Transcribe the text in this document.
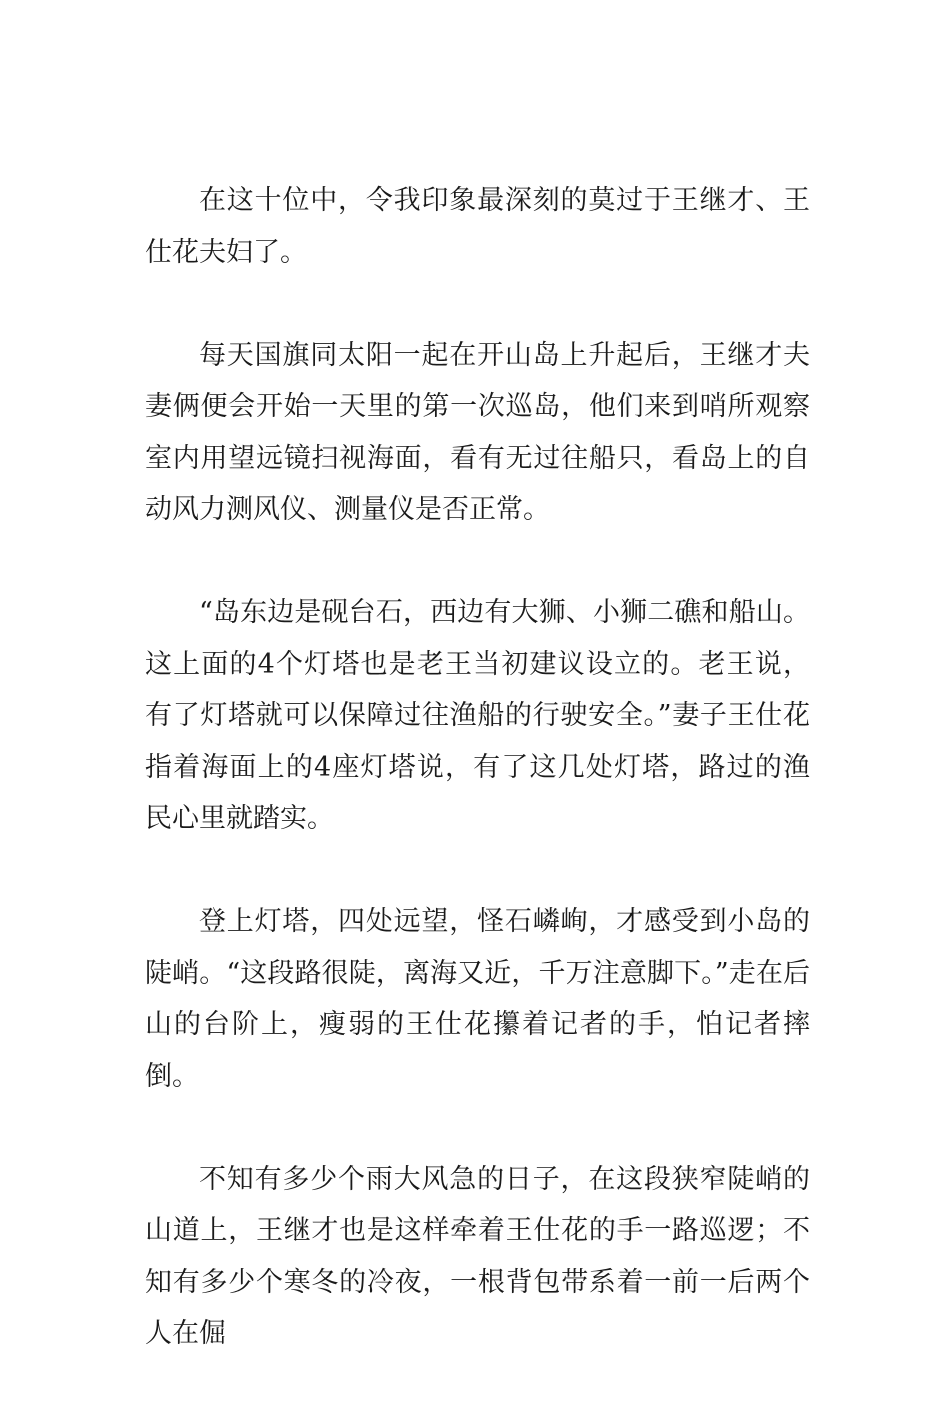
在这十位中，令我印象最深刻的莫过于王继才、王仕花夫妇了。

每天国旗同太阳一起在开山岛上升起后，王继才夫妻俩便会开始一天里的第一次巡岛，他们来到哨所观察室内用望远镜扫视海面，看有无过往船只，看岛上的自动风力测风仪、测量仪是否正常。

“岛东边是砚台石，西边有大狮、小狮二礁和船山。这上面的4个灯塔也是老王当初建议设立的。老王说，有了灯塔就可以保障过往渔船的行驶安全。”妻子王仕花指着海面上的4座灯塔说，有了这几处灯塔，路过的渔民心里就踏实。

登上灯塔，四处远望，怪石嶙峋，才感受到小岛的陡峭。“这段路很陡，离海又近，千万注意脚下。”走在后山的台阶上，瘦弱的王仕花攥着记者的手，怕记者摔倒。

不知有多少个雨大风急的日子，在这段狭窄陡峭的山道上，王继才也是这样牵着王仕花的手一路巡逻；不知有多少个寒冬的冷夜，一根背包带系着一前一后两个人在倔
